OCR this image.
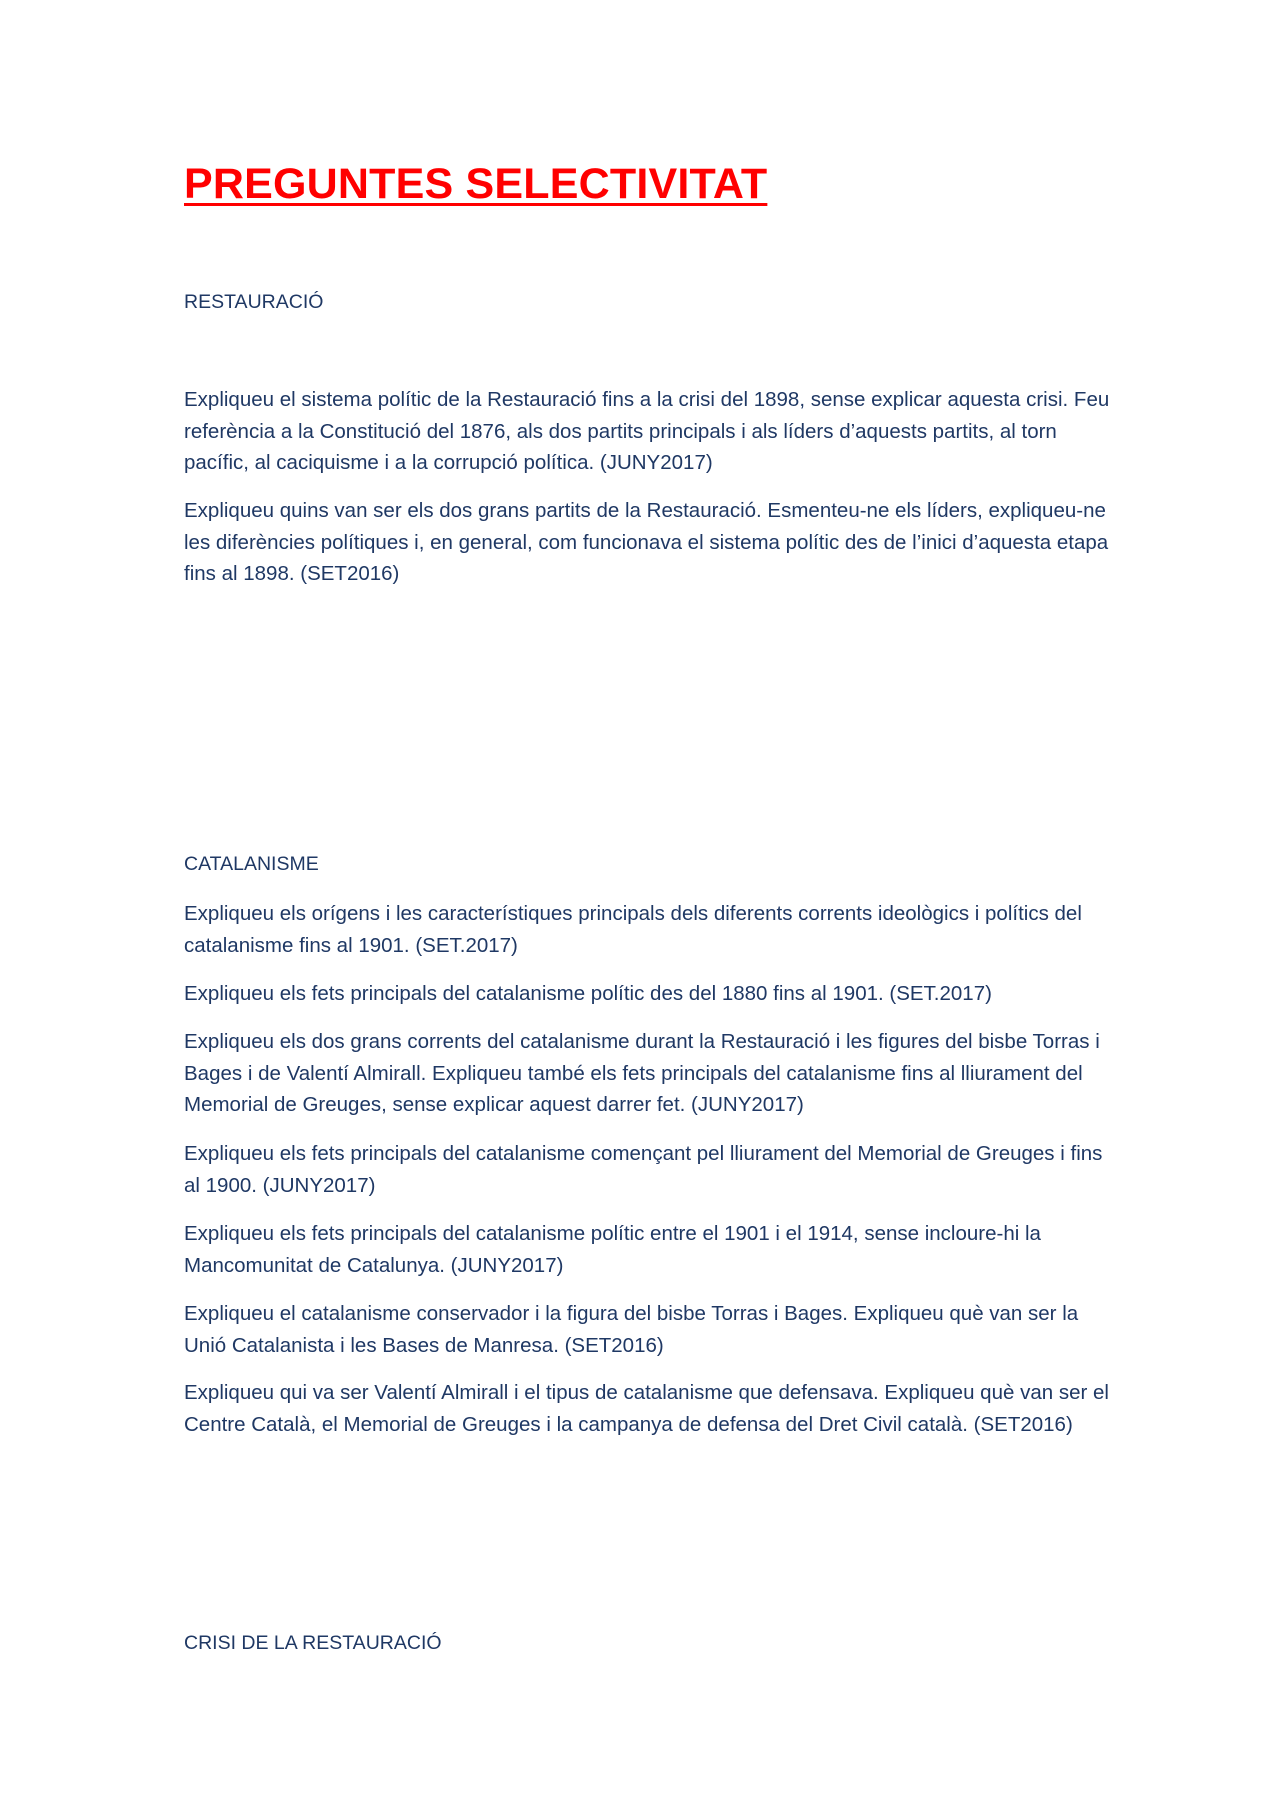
PREGUNTES SELECTIVITAT
RESTAURACIÓ

Expliqueu el sistema polític de la Restauració fins a la crisi del 1898, sense explicar aquesta crisi. Feu referència a la Constitució del 1876, als dos partits principals i als líders d’aquests partits, al torn pacífic, al caciquisme i a la corrupció política. (JUNY2017)

Expliqueu quins van ser els dos grans partits de la Restauració. Esmenteu-ne els líders, expliqueu-ne les diferències polítiques i, en general, com funcionava el sistema polític des de l’inici d’aquesta etapa fins al 1898. (SET2016)

CATALANISME

Expliqueu els orígens i les característiques principals dels diferents corrents ideològics i polítics del catalanisme fins al 1901. (SET.2017)

Expliqueu els fets principals del catalanisme polític des del 1880 fins al 1901. (SET.2017)

Expliqueu els dos grans corrents del catalanisme durant la Restauració i les figures del bisbe Torras i Bages i de Valentí Almirall. Expliqueu també els fets principals del catalanisme fins al lliurament del Memorial de Greuges, sense explicar aquest darrer fet. (JUNY2017)

Expliqueu els fets principals del catalanisme començant pel lliurament del Memorial de Greuges i fins al 1900. (JUNY2017)

Expliqueu els fets principals del catalanisme polític entre el 1901 i el 1914, sense incloure-hi la Mancomunitat de Catalunya. (JUNY2017)

Expliqueu el catalanisme conservador i la figura del bisbe Torras i Bages. Expliqueu què van ser la Unió Catalanista i les Bases de Manresa. (SET2016)

Expliqueu qui va ser Valentí Almirall i el tipus de catalanisme que defensava. Expliqueu què van ser el Centre Català, el Memorial de Greuges i la campanya de defensa del Dret Civil català. (SET2016)

CRISI DE LA RESTAURACIÓ
